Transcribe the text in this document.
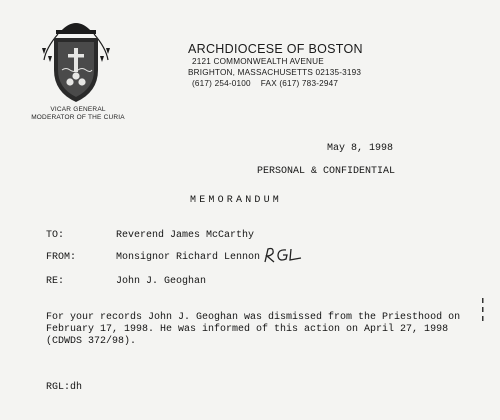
VICAR GENERAL
MODERATOR OF THE CURIA
ARCHDIOCESE OF BOSTON
2121 COMMONWEALTH AVENUE
BRIGHTON, MASSACHUSETTS 02135-3193
(617) 254-0100 FAX (617) 783-2947
May 8, 1998
PERSONAL & CONFIDENTIAL
MEMORANDUM
TO:	Reverend James McCarthy
FROM:	Monsignor Richard Lennon
RE:	John J. Geoghan
For your records John J. Geoghan was dismissed from the Priesthood on
February 17, 1998. He was informed of this action on April 27, 1998
(CDWDS 372/98).
RGL:dh
